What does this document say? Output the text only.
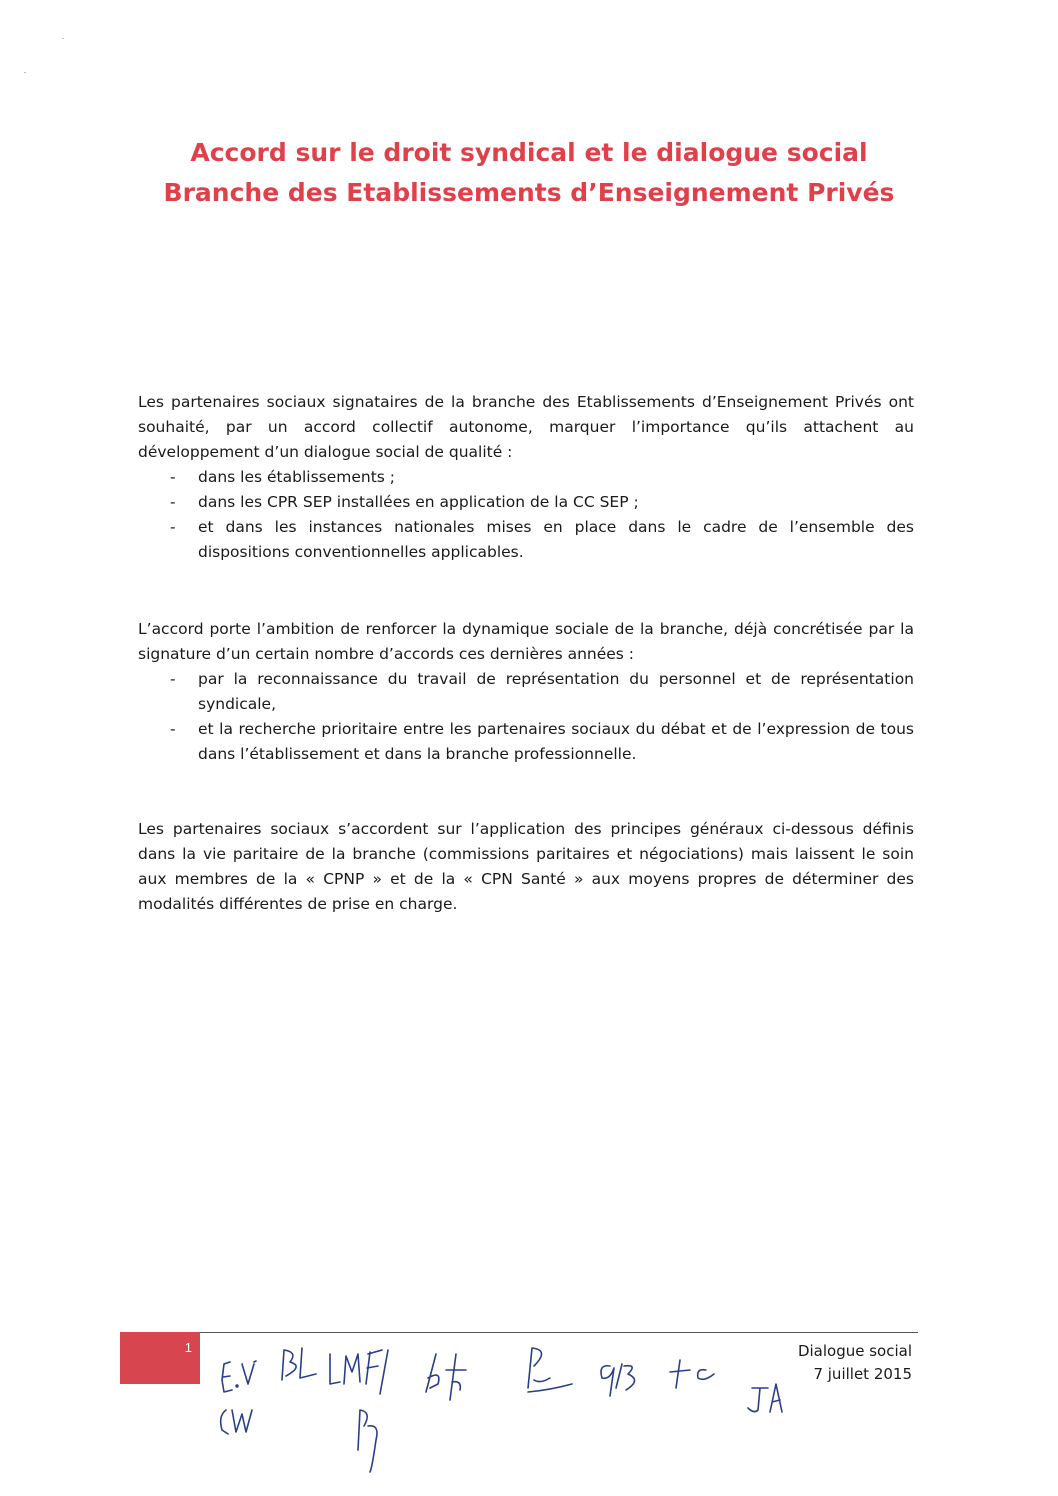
Accord sur le droit syndical et le dialogue social
Branche des Etablissements d’Enseignement Privés

Les partenaires sociaux signataires de la branche des Etablissements d’Enseignement Privés ont souhaité, par un accord collectif autonome, marquer l’importance qu’ils attachent au développement d’un dialogue social de qualité :

- dans les établissements ;
- dans les CPR SEP installées en application de la CC SEP ;
- et dans les instances nationales mises en place dans le cadre de l’ensemble des dispositions conventionnelles applicables.

L’accord porte l’ambition de renforcer la dynamique sociale de la branche, déjà concrétisée par la signature d’un certain nombre d’accords ces dernières années :

- par la reconnaissance du travail de représentation du personnel et de représentation syndicale,
- et la recherche prioritaire entre les partenaires sociaux du débat et de l’expression de tous dans l’établissement et dans la branche professionnelle.

Les partenaires sociaux s’accordent sur l’application des principes généraux ci-dessous définis dans la vie paritaire de la branche (commissions paritaires et négociations) mais laissent le soin aux membres de la « CPNP » et de la « CPN Santé » aux moyens propres de déterminer des modalités différentes de prise en charge.

1	Dialogue social
7 juillet 2015
